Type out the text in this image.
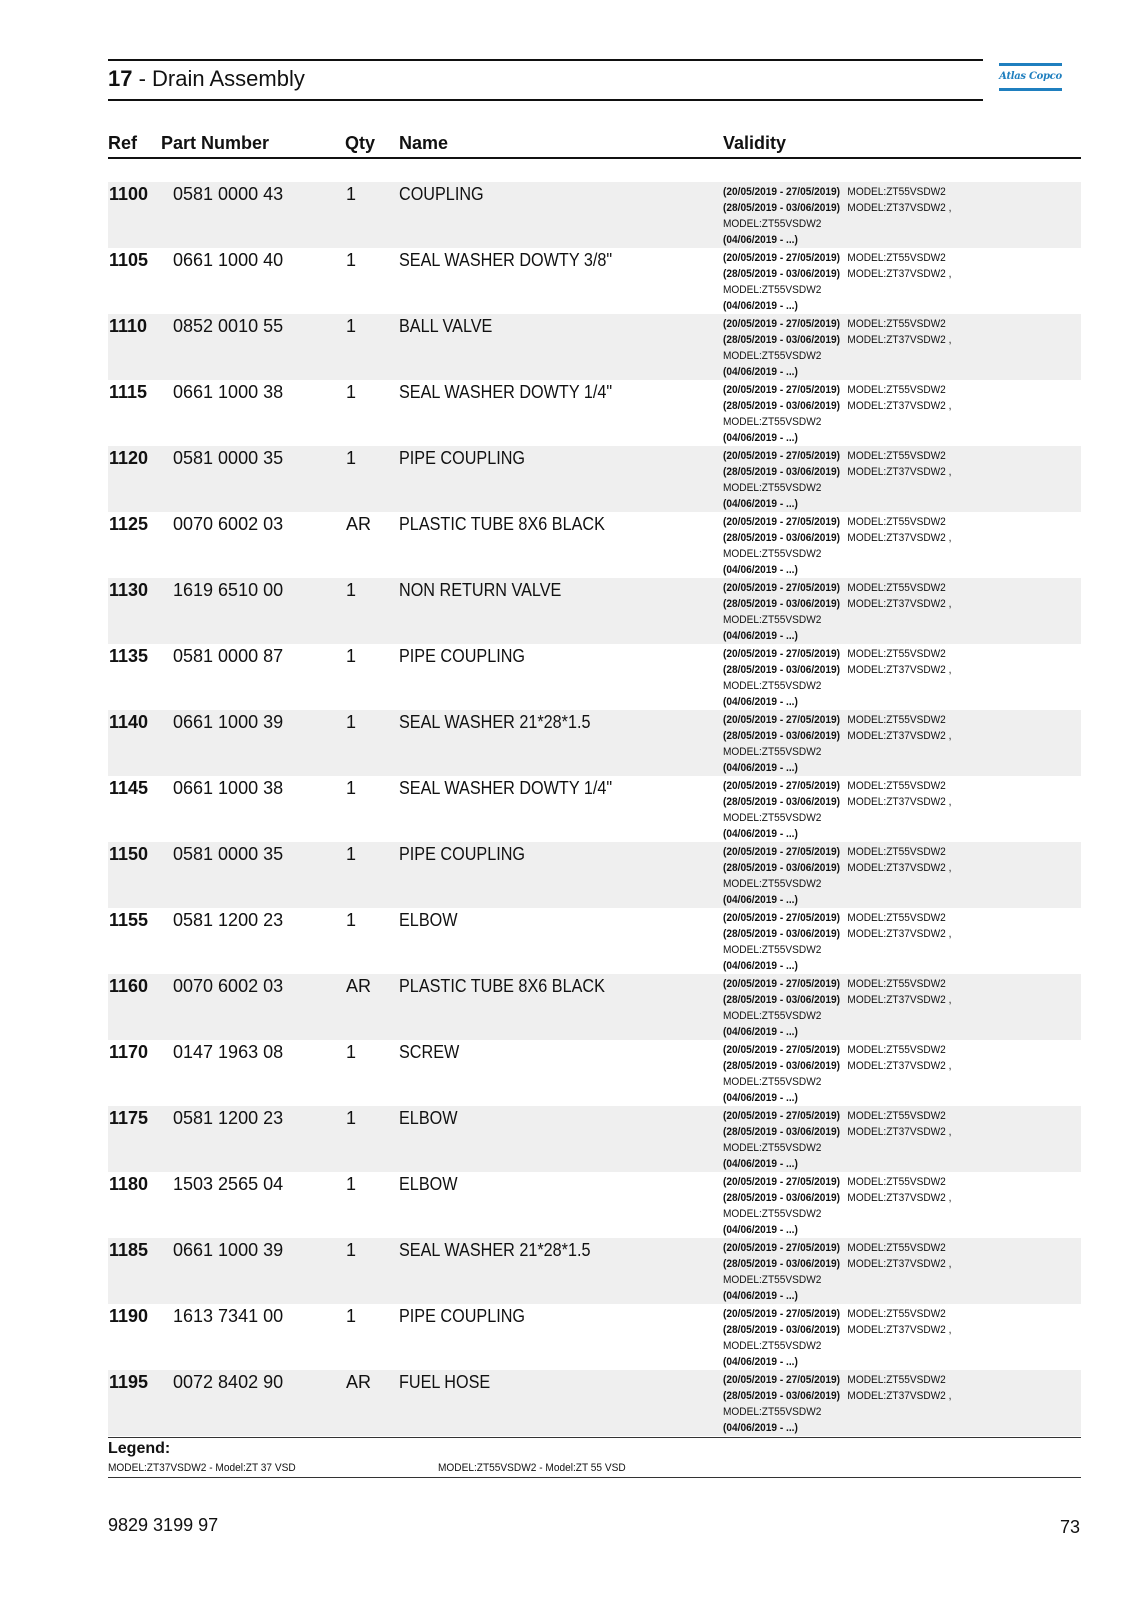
17 - Drain Assembly	Atlas Copco
Ref Part Number	Qty Name	Validity
1100 0581 0000 43	1 COUPLING	(20/05/2019 - 27/05/2019) MODEL:ZT55VSDW2
(28/05/2019 - 03/06/2019) MODEL:ZT37VSDW2 ,
MODEL:ZT55VSDW2
(04/06/2019 - ...)
1105 0661 1000 40	1 SEAL WASHER DOWTY 3/8"	(20/05/2019 - 27/05/2019) MODEL:ZT55VSDW2
(28/05/2019 - 03/06/2019) MODEL:ZT37VSDW2 ,
MODEL:ZT55VSDW2
(04/06/2019 - ...)
1110 0852 0010 55	1 BALL VALVE	(20/05/2019 - 27/05/2019) MODEL:ZT55VSDW2
(28/05/2019 - 03/06/2019) MODEL:ZT37VSDW2 ,
MODEL:ZT55VSDW2
(04/06/2019 - ...)
1115 0661 1000 38	1 SEAL WASHER DOWTY 1/4"	(20/05/2019 - 27/05/2019) MODEL:ZT55VSDW2
(28/05/2019 - 03/06/2019) MODEL:ZT37VSDW2 ,
MODEL:ZT55VSDW2
(04/06/2019 - ...)
1120 0581 0000 35	1 PIPE COUPLING	(20/05/2019 - 27/05/2019) MODEL:ZT55VSDW2
(28/05/2019 - 03/06/2019) MODEL:ZT37VSDW2 ,
MODEL:ZT55VSDW2
(04/06/2019 - ...)
1125 0070 6002 03	AR PLASTIC TUBE 8X6 BLACK	(20/05/2019 - 27/05/2019) MODEL:ZT55VSDW2
(28/05/2019 - 03/06/2019) MODEL:ZT37VSDW2 ,
MODEL:ZT55VSDW2
(04/06/2019 - ...)
1130 1619 6510 00	1 NON RETURN VALVE	(20/05/2019 - 27/05/2019) MODEL:ZT55VSDW2
(28/05/2019 - 03/06/2019) MODEL:ZT37VSDW2 ,
MODEL:ZT55VSDW2
(04/06/2019 - ...)
1135 0581 0000 87	1 PIPE COUPLING	(20/05/2019 - 27/05/2019) MODEL:ZT55VSDW2
(28/05/2019 - 03/06/2019) MODEL:ZT37VSDW2 ,
MODEL:ZT55VSDW2
(04/06/2019 - ...)
1140 0661 1000 39	1 SEAL WASHER 21*28*1.5	(20/05/2019 - 27/05/2019) MODEL:ZT55VSDW2
(28/05/2019 - 03/06/2019) MODEL:ZT37VSDW2 ,
MODEL:ZT55VSDW2
(04/06/2019 - ...)
1145 0661 1000 38	1 SEAL WASHER DOWTY 1/4"	(20/05/2019 - 27/05/2019) MODEL:ZT55VSDW2
(28/05/2019 - 03/06/2019) MODEL:ZT37VSDW2 ,
MODEL:ZT55VSDW2
(04/06/2019 - ...)
1150 0581 0000 35	1 PIPE COUPLING	(20/05/2019 - 27/05/2019) MODEL:ZT55VSDW2
(28/05/2019 - 03/06/2019) MODEL:ZT37VSDW2 ,
MODEL:ZT55VSDW2
(04/06/2019 - ...)
1155 0581 1200 23	1 ELBOW	(20/05/2019 - 27/05/2019) MODEL:ZT55VSDW2
(28/05/2019 - 03/06/2019) MODEL:ZT37VSDW2 ,
MODEL:ZT55VSDW2
(04/06/2019 - ...)
1160 0070 6002 03	AR PLASTIC TUBE 8X6 BLACK	(20/05/2019 - 27/05/2019) MODEL:ZT55VSDW2
(28/05/2019 - 03/06/2019) MODEL:ZT37VSDW2 ,
MODEL:ZT55VSDW2
(04/06/2019 - ...)
1170 0147 1963 08	1 SCREW	(20/05/2019 - 27/05/2019) MODEL:ZT55VSDW2
(28/05/2019 - 03/06/2019) MODEL:ZT37VSDW2 ,
MODEL:ZT55VSDW2
(04/06/2019 - ...)
1175 0581 1200 23	1 ELBOW	(20/05/2019 - 27/05/2019) MODEL:ZT55VSDW2
(28/05/2019 - 03/06/2019) MODEL:ZT37VSDW2 ,
MODEL:ZT55VSDW2
(04/06/2019 - ...)
1180 1503 2565 04	1 ELBOW	(20/05/2019 - 27/05/2019) MODEL:ZT55VSDW2
(28/05/2019 - 03/06/2019) MODEL:ZT37VSDW2 ,
MODEL:ZT55VSDW2
(04/06/2019 - ...)
1185 0661 1000 39	1 SEAL WASHER 21*28*1.5	(20/05/2019 - 27/05/2019) MODEL:ZT55VSDW2
(28/05/2019 - 03/06/2019) MODEL:ZT37VSDW2 ,
MODEL:ZT55VSDW2
(04/06/2019 - ...)
1190 1613 7341 00	1 PIPE COUPLING	(20/05/2019 - 27/05/2019) MODEL:ZT55VSDW2
(28/05/2019 - 03/06/2019) MODEL:ZT37VSDW2 ,
MODEL:ZT55VSDW2
(04/06/2019 - ...)
1195 0072 8402 90	AR FUEL HOSE	(20/05/2019 - 27/05/2019) MODEL:ZT55VSDW2
(28/05/2019 - 03/06/2019) MODEL:ZT37VSDW2 ,
MODEL:ZT55VSDW2
(04/06/2019 - ...)
Legend:
MODEL:ZT37VSDW2 - Model:ZT 37 VSD	MODEL:ZT55VSDW2 - Model:ZT 55 VSD
9829 3199 97	73
